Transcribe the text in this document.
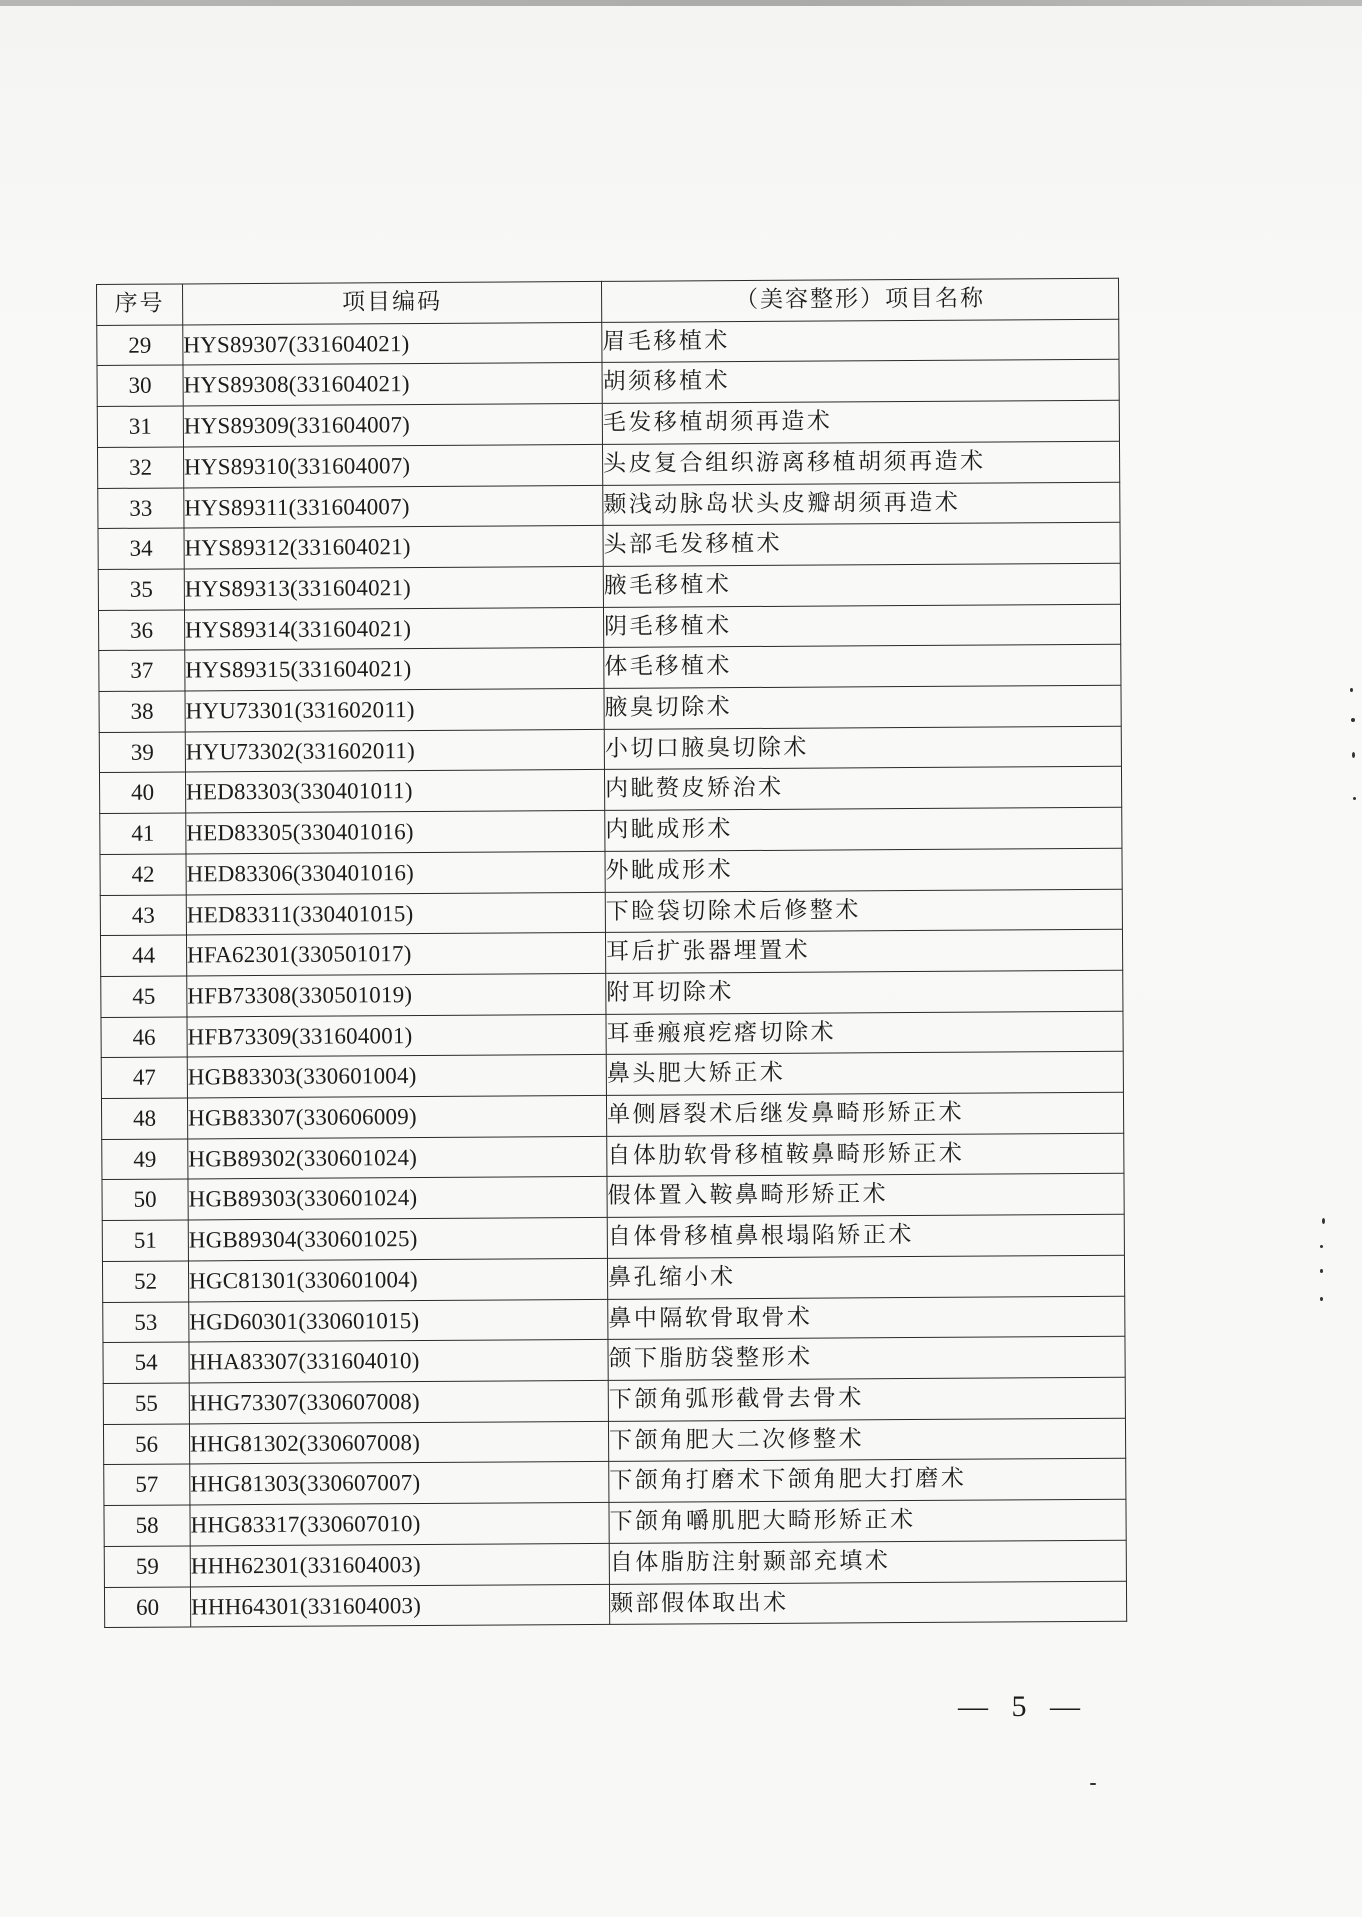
序号	项目编码	（美容整形）项目名称
29	HYS89307(331604021)	眉毛移植术
30	HYS89308(331604021)	胡须移植术
31	HYS89309(331604007)	毛发移植胡须再造术
32	HYS89310(331604007)	头皮复合组织游离移植胡须再造术
33	HYS89311(331604007)	颞浅动脉岛状头皮瓣胡须再造术
34	HYS89312(331604021)	头部毛发移植术
35	HYS89313(331604021)	腋毛移植术
36	HYS89314(331604021)	阴毛移植术
37	HYS89315(331604021)	体毛移植术
38	HYU73301(331602011)	腋臭切除术
39	HYU73302(331602011)	小切口腋臭切除术
40	HED83303(330401011)	内眦赘皮矫治术
41	HED83305(330401016)	内眦成形术
42	HED83306(330401016)	外眦成形术
43	HED83311(330401015)	下睑袋切除术后修整术
44	HFA62301(330501017)	耳后扩张器埋置术
45	HFB73308(330501019)	附耳切除术
46	HFB73309(331604001)	耳垂瘢痕疙瘩切除术
47	HGB83303(330601004)	鼻头肥大矫正术
48	HGB83307(330606009)	单侧唇裂术后继发鼻畸形矫正术
49	HGB89302(330601024)	自体肋软骨移植鞍鼻畸形矫正术
50	HGB89303(330601024)	假体置入鞍鼻畸形矫正术
51	HGB89304(330601025)	自体骨移植鼻根塌陷矫正术
52	HGC81301(330601004)	鼻孔缩小术
53	HGD60301(330601015)	鼻中隔软骨取骨术
54	HHA83307(331604010)	颌下脂肪袋整形术
55	HHG73307(330607008)	下颌角弧形截骨去骨术
56	HHG81302(330607008)	下颌角肥大二次修整术
57	HHG81303(330607007)	下颌角打磨术下颌角肥大打磨术
58	HHG83317(330607010)	下颌角嚼肌肥大畸形矫正术
59	HHH62301(331604003)	自体脂肪注射颞部充填术
60	HHH64301(331604003)	颞部假体取出术
— 5 —
